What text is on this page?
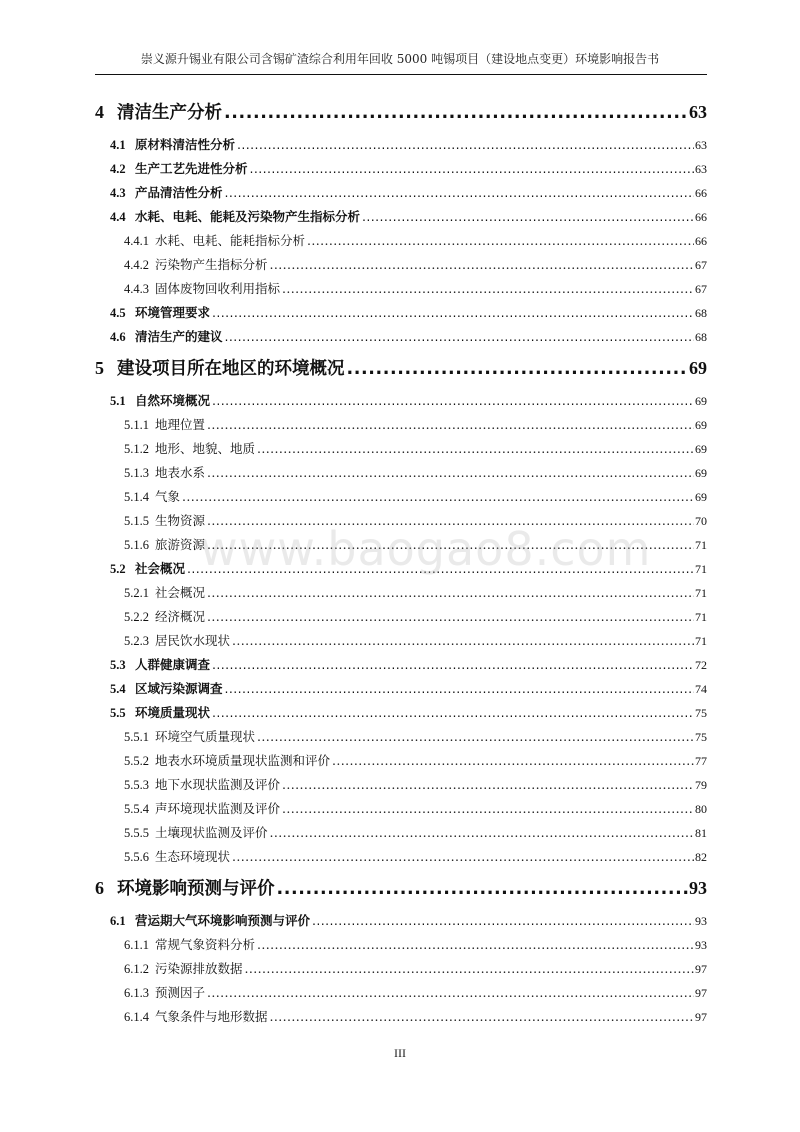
崇义源升锡业有限公司含锡矿渣综合利用年回收 5000 吨锡项目（建设地点变更）环境影响报告书
4 清洁生产分析 .....	63
4.1 原材料清洁性分析 .....	63
4.2 生产工艺先进性分析 .....	63
4.3 产品清洁性分析 .....	66
4.4 水耗、电耗、能耗及污染物产生指标分析 .....	66
4.4.1 水耗、电耗、能耗指标分析 .....	66
4.4.2 污染物产生指标分析 .....	67
4.4.3 固体废物回收利用指标 .....	67
4.5 环境管理要求 .....	68
4.6 清洁生产的建议 .....	68
5 建设项目所在地区的环境概况 .....	69
5.1 自然环境概况 .....	69
5.1.1 地理位置 .....	69
5.1.2 地形、地貌、地质 .....	69
5.1.3 地表水系 .....	69
5.1.4 气象 .....	69
5.1.5 生物资源 .....	70
5.1.6 旅游资源 .....	71
5.2 社会概况 .....	71
5.2.1 社会概况 .....	71
5.2.2 经济概况 .....	71
5.2.3 居民饮水现状 .....	71
5.3 人群健康调查 .....	72
5.4 区域污染源调查 .....	74
5.5 环境质量现状 .....	75
5.5.1 环境空气质量现状 .....	75
5.5.2 地表水环境质量现状监测和评价 .....	77
5.5.3 地下水现状监测及评价 .....	79
5.5.4 声环境现状监测及评价 .....	80
5.5.5 土壤现状监测及评价 .....	81
5.5.6 生态环境现状 .....	82
6 环境影响预测与评价 .....	93
6.1 营运期大气环境影响预测与评价 .....	93
6.1.1 常规气象资料分析 .....	93
6.1.2 污染源排放数据 .....	97
6.1.3 预测因子 .....	97
6.1.4 气象条件与地形数据 .....	97
www.baogao8.com
III
